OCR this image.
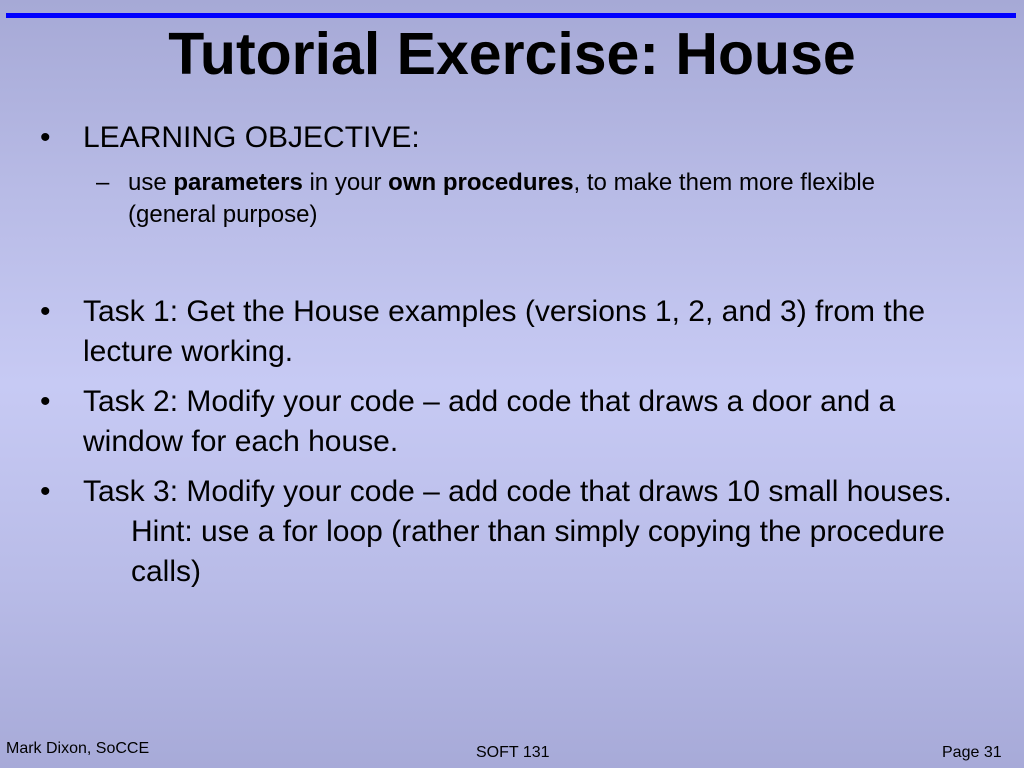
Tutorial Exercise: House
• LEARNING OBJECTIVE:
– use parameters in your own procedures, to make them more flexible (general purpose)
• Task 1: Get the House examples (versions 1, 2, and 3) from the lecture working.
• Task 2: Modify your code – add code that draws a door and a window for each house.
• Task 3: Modify your code – add code that draws 10 small houses.
Hint: use a for loop (rather than simply copying the procedure calls)
Mark Dixon, SoCCE	SOFT 131	Page 31
